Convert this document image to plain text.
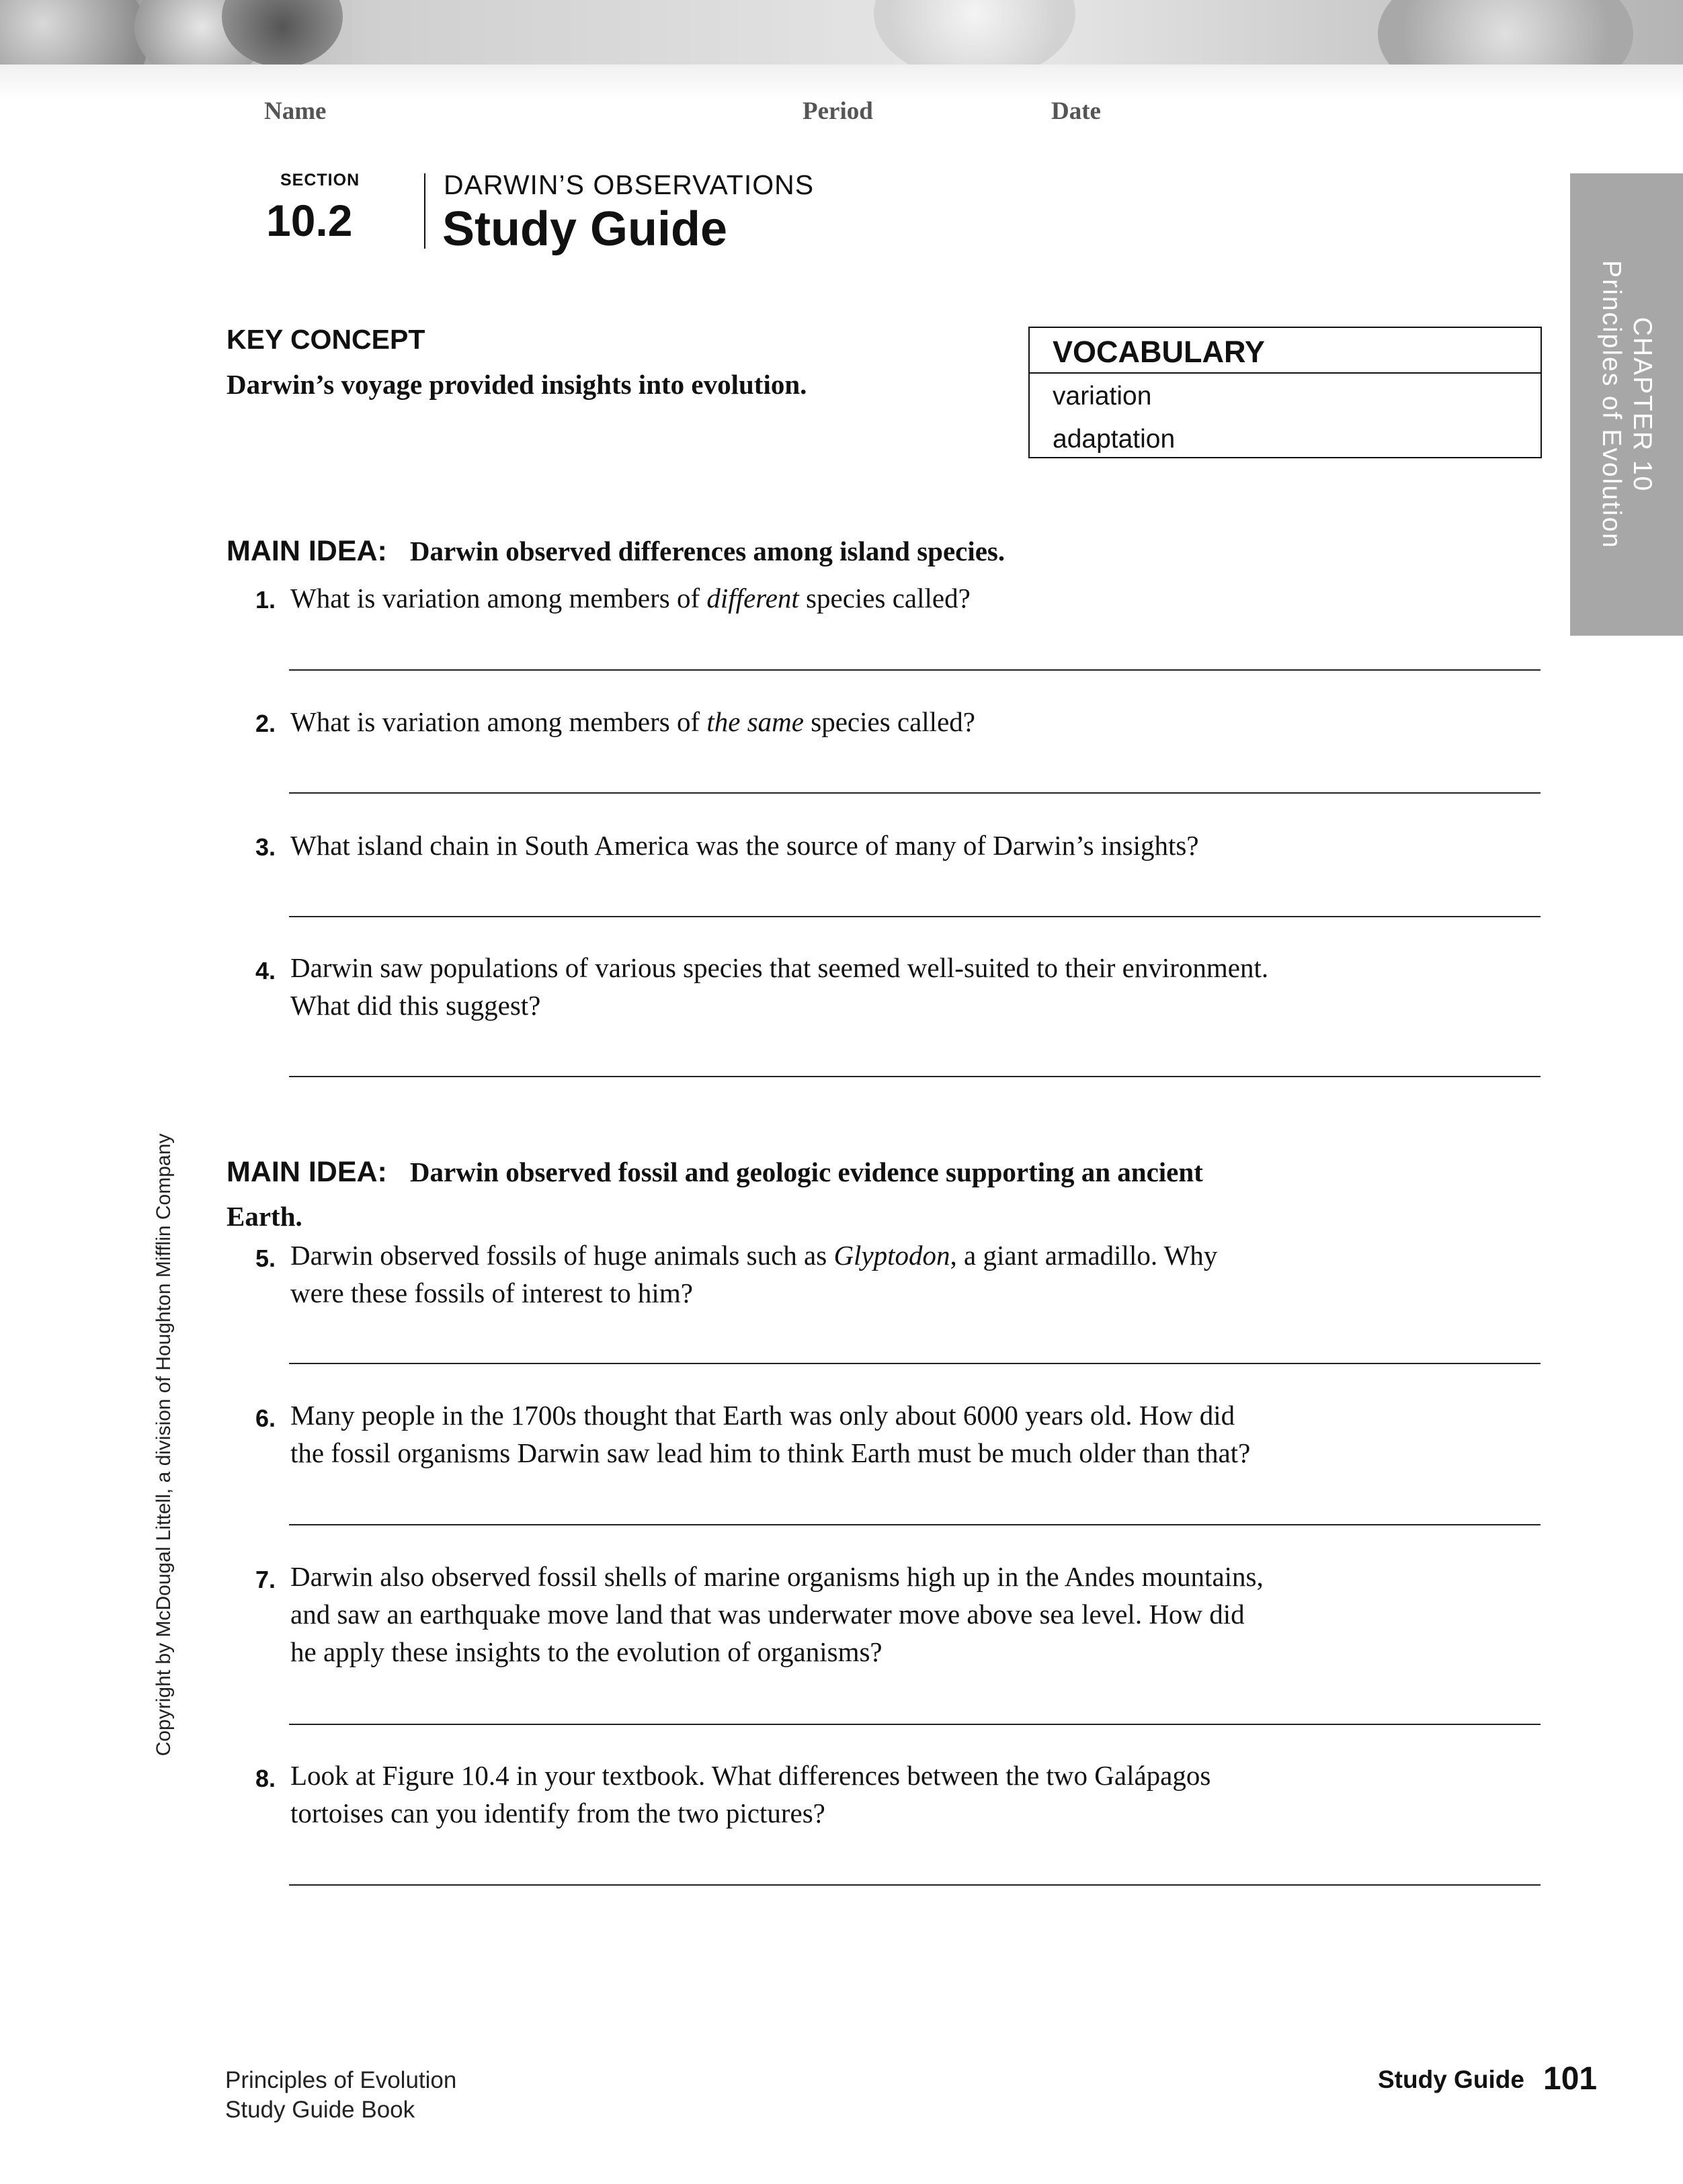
Name	Period	Date
SECTION
10.2
DARWIN’S OBSERVATIONS
Study Guide
CHAPTER 10
Principles of Evolution
KEY CONCEPT
Darwin’s voyage provided insights into evolution.
VOCABULARY
variation
adaptation
MAIN IDEA: Darwin observed differences among island species.
1. What is variation among members of different species called?
2. What is variation among members of the same species called?
3. What island chain in South America was the source of many of Darwin’s insights?
4. Darwin saw populations of various species that seemed well-suited to their environment.
What did this suggest?
MAIN IDEA: Darwin observed fossil and geologic evidence supporting an ancient
Earth.
5. Darwin observed fossils of huge animals such as Glyptodon, a giant armadillo. Why
were these fossils of interest to him?
6. Many people in the 1700s thought that Earth was only about 6000 years old. How did
the fossil organisms Darwin saw lead him to think Earth must be much older than that?
7. Darwin also observed fossil shells of marine organisms high up in the Andes mountains,
and saw an earthquake move land that was underwater move above sea level. How did
he apply these insights to the evolution of organisms?
8. Look at Figure 10.4 in your textbook. What differences between the two Galápagos
tortoises can you identify from the two pictures?
Copyright by McDougal Littell, a division of Houghton Mifflin Company
Principles of Evolution
Study Guide Book
Study Guide 101
